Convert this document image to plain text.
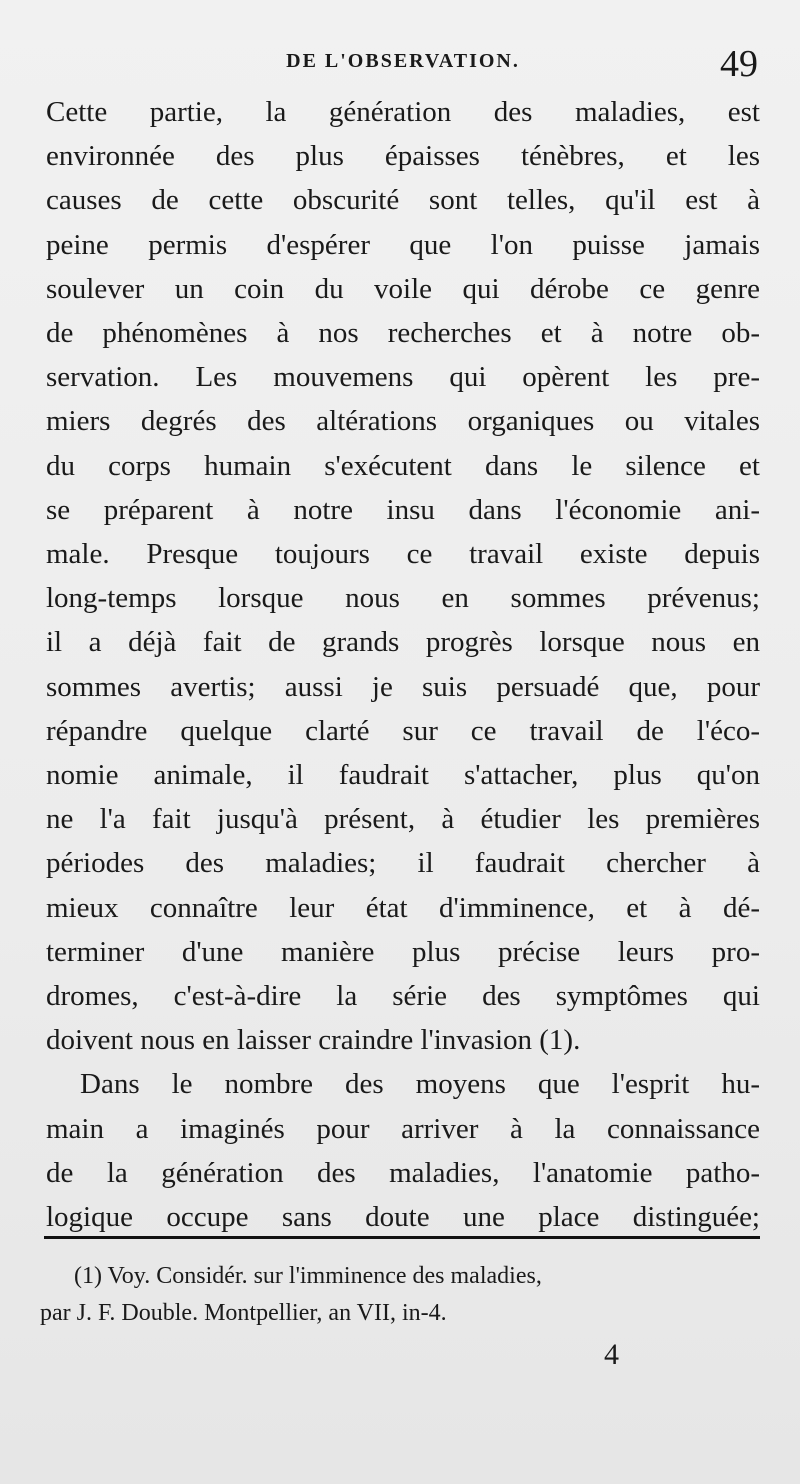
DE L'OBSERVATION.	49
Cette partie, la génération des maladies, est
environnée des plus épaisses ténèbres, et les
causes de cette obscurité sont telles, qu'il est à
peine permis d'espérer que l'on puisse jamais
soulever un coin du voile qui dérobe ce genre
de phénomènes à nos recherches et à notre ob-
servation. Les mouvemens qui opèrent les pre-
miers degrés des altérations organiques ou vitales
du corps humain s'exécutent dans le silence et
se préparent à notre insu dans l'économie ani-
male. Presque toujours ce travail existe depuis
long-temps lorsque nous en sommes prévenus;
il a déjà fait de grands progrès lorsque nous en
sommes avertis; aussi je suis persuadé que, pour
répandre quelque clarté sur ce travail de l'éco-
nomie animale, il faudrait s'attacher, plus qu'on
ne l'a fait jusqu'à présent, à étudier les premières
périodes des maladies; il faudrait chercher à
mieux connaître leur état d'imminence, et à dé-
terminer d'une manière plus précise leurs pro-
dromes, c'est-à-dire la série des symptômes qui
doivent nous en laisser craindre l'invasion (1).
Dans le nombre des moyens que l'esprit hu-
main a imaginés pour arriver à la connaissance
de la génération des maladies, l'anatomie patho-
logique occupe sans doute une place distinguée;
(1) Voy. Considér. sur l'imminence des maladies,
par J. F. Double. Montpellier, an VII, in-4.
4
